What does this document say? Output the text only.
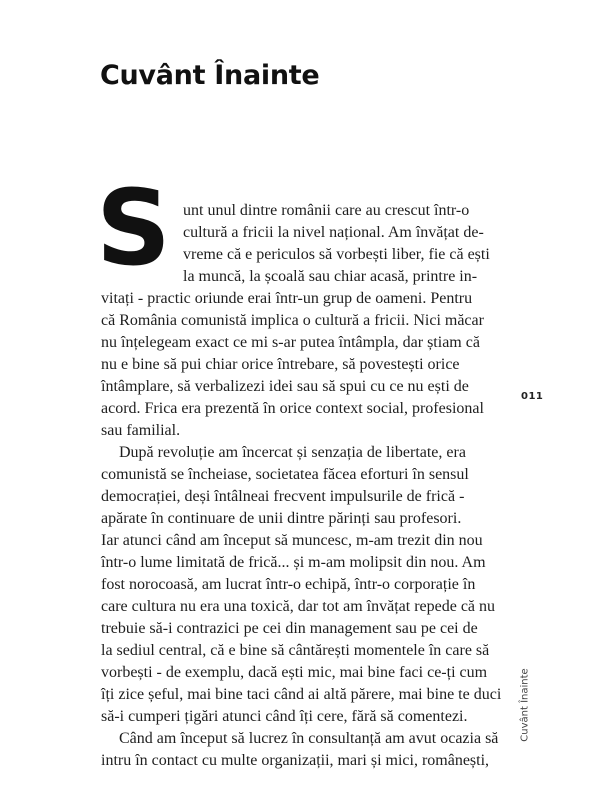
Cuvânt Înainte
S unt unul dintre românii care au crescut într-o
cultură a fricii la nivel național. Am învățat de-
vreme că e periculos să vorbești liber, fie că ești
la muncă, la școală sau chiar acasă, printre in-
vitați - practic oriunde erai într-un grup de oameni. Pentru
că România comunistă implica o cultură a fricii. Nici măcar
nu înțelegeam exact ce mi s-ar putea întâmpla, dar știam că
nu e bine să pui chiar orice întrebare, să povestești orice
întâmplare, să verbalizezi idei sau să spui cu ce nu ești de
acord. Frica era prezentă în orice context social, profesional
sau familial.
După revoluție am încercat și senzația de libertate, era
comunistă se încheiase, societatea făcea eforturi în sensul
democrației, deși întâlneai frecvent impulsurile de frică -
apărate în continuare de unii dintre părinți sau profesori.
Iar atunci când am început să muncesc, m-am trezit din nou
într-o lume limitată de frică... și m-am molipsit din nou. Am
fost norocoasă, am lucrat într-o echipă, într-o corporație în
care cultura nu era una toxică, dar tot am învățat repede că nu
trebuie să-i contrazici pe cei din management sau pe cei de
la sediul central, că e bine să cântărești momentele în care să
vorbești - de exemplu, dacă ești mic, mai bine faci ce-ți cum
îți zice șeful, mai bine taci când ai altă părere, mai bine te duci
să-i cumperi țigări atunci când îți cere, fără să comentezi.
Când am început să lucrez în consultanță am avut ocazia să
intru în contact cu multe organizații, mari și mici, românești,
011
Cuvânt Înainte
